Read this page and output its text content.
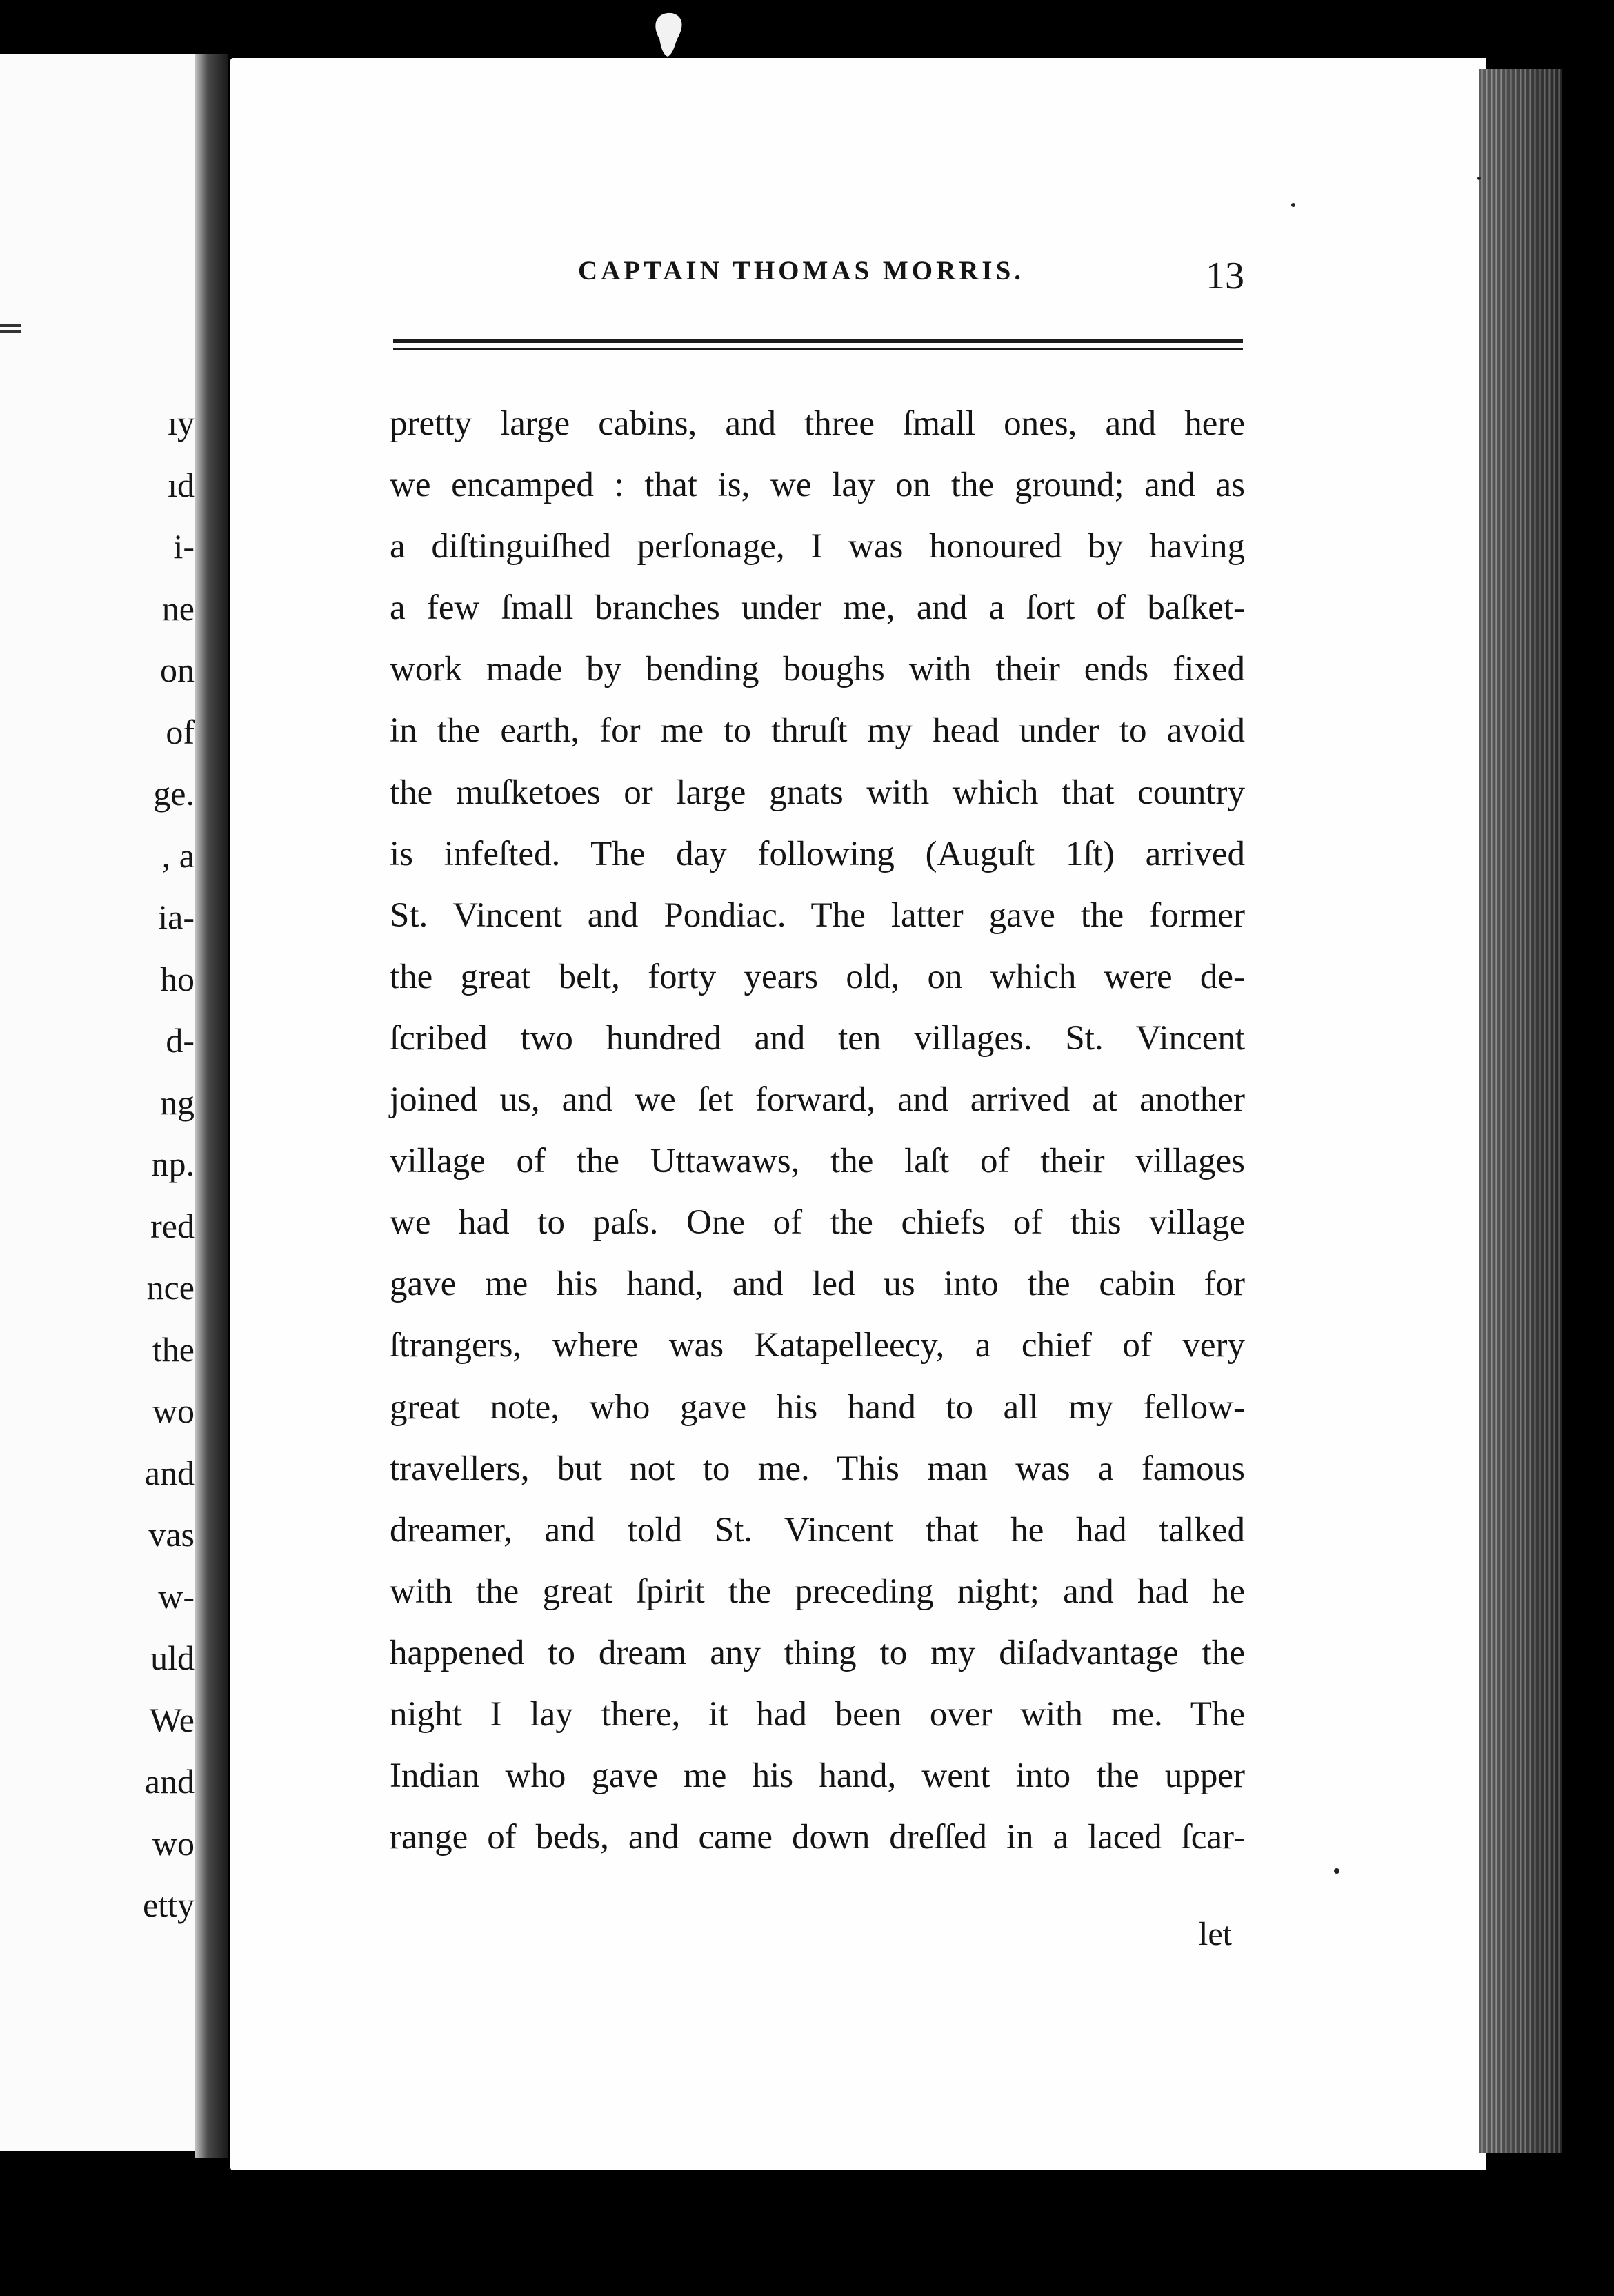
ıy
ıd
i-
ne
on
of
ge.
, a
ia-
ho
d-
ng
np.
red
nce
the
wo
and
vas
w-
uld
We
and
wo
etty
CAPTAIN THOMAS MORRIS.	13
pretty large cabins, and three ſmall ones, and here
we encamped : that is, we lay on the ground; and as
a diſtinguiſhed perſonage, I was honoured by having
a few ſmall branches under me, and a ſort of baſket-
work made by bending boughs with their ends fixed
in the earth, for me to thruſt my head under to avoid
the muſketoes or large gnats with which that country
is infeſted. The day following (Auguſt 1ſt) arrived
St. Vincent and Pondiac. The latter gave the former
the great belt, forty years old, on which were de-
ſcribed two hundred and ten villages. St. Vincent
joined us, and we ſet forward, and arrived at another
village of the Uttawaws, the laſt of their villages
we had to paſs. One of the chiefs of this village
gave me his hand, and led us into the cabin for
ſtrangers, where was Katapelleecy, a chief of very
great note, who gave his hand to all my fellow-
travellers, but not to me. This man was a famous
dreamer, and told St. Vincent that he had talked
with the great ſpirit the preceding night; and had he
happened to dream any thing to my diſadvantage the
night I lay there, it had been over with me. The
Indian who gave me his hand, went into the upper
range of beds, and came down dreſſed in a laced ſcar-
let
